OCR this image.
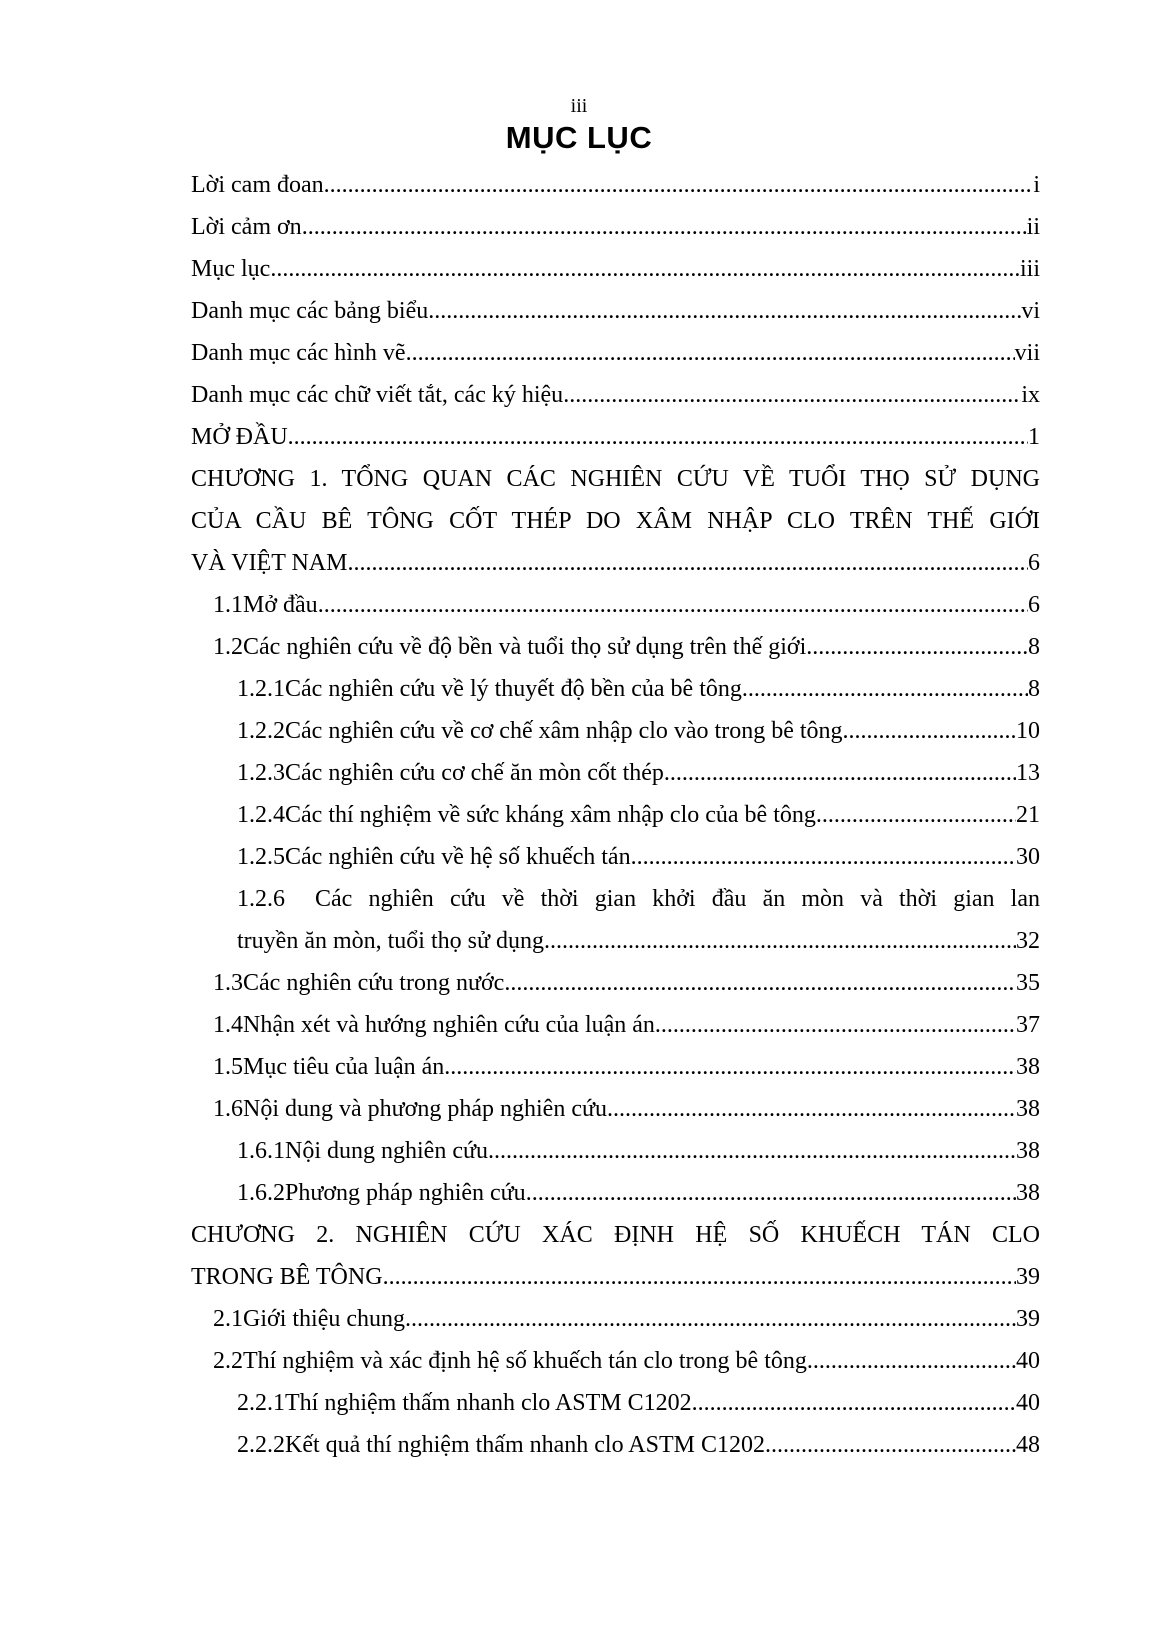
iii
MỤC LỤC
Lời cam đoan .....	i
Lời cảm ơn .....	ii
Mục lục .....	iii
Danh mục các bảng biểu .....	vi
Danh mục các hình vẽ .....	vii
Danh mục các chữ viết tắt, các ký hiệu .....	ix
MỞ ĐẦU .....	1
CHƯƠNG 1. TỔNG QUAN CÁC NGHIÊN CỨU VỀ TUỔI THỌ SỬ DỤNG
CỦA CẦU BÊ TÔNG CỐT THÉP DO XÂM NHẬP CLO TRÊN THẾ GIỚI
VÀ VIỆT NAM .....	6
1.1 Mở đầu .....	6
1.2 Các nghiên cứu về độ bền và tuổi thọ sử dụng trên thế giới .....	8
1.2.1 Các nghiên cứu về lý thuyết độ bền của bê tông .....	8
1.2.2 Các nghiên cứu về cơ chế xâm nhập clo vào trong bê tông .....	10
1.2.3 Các nghiên cứu cơ chế ăn mòn cốt thép .....	13
1.2.4 Các thí nghiệm về sức kháng xâm nhập clo của bê tông .....	21
1.2.5 Các nghiên cứu về hệ số khuếch tán .....	30
1.2.6	Các nghiên cứu về thời gian khởi đầu ăn mòn và thời gian lan
truyền ăn mòn, tuổi thọ sử dụng .....	32
1.3 Các nghiên cứu trong nước .....	35
1.4 Nhận xét và hướng nghiên cứu của luận án .....	37
1.5 Mục tiêu của luận án .....	38
1.6 Nội dung và phương pháp nghiên cứu .....	38
1.6.1 Nội dung nghiên cứu .....	38
1.6.2 Phương pháp nghiên cứu .....	38
CHƯƠNG 2. NGHIÊN CỨU XÁC ĐỊNH HỆ SỐ KHUẾCH TÁN CLO
TRONG BÊ TÔNG .....	39
2.1 Giới thiệu chung .....	39
2.2 Thí nghiệm và xác định hệ số khuếch tán clo trong bê tông .....	40
2.2.1 Thí nghiệm thấm nhanh clo ASTM C1202 .....	40
2.2.2 Kết quả thí nghiệm thấm nhanh clo ASTM C1202 .....	48
